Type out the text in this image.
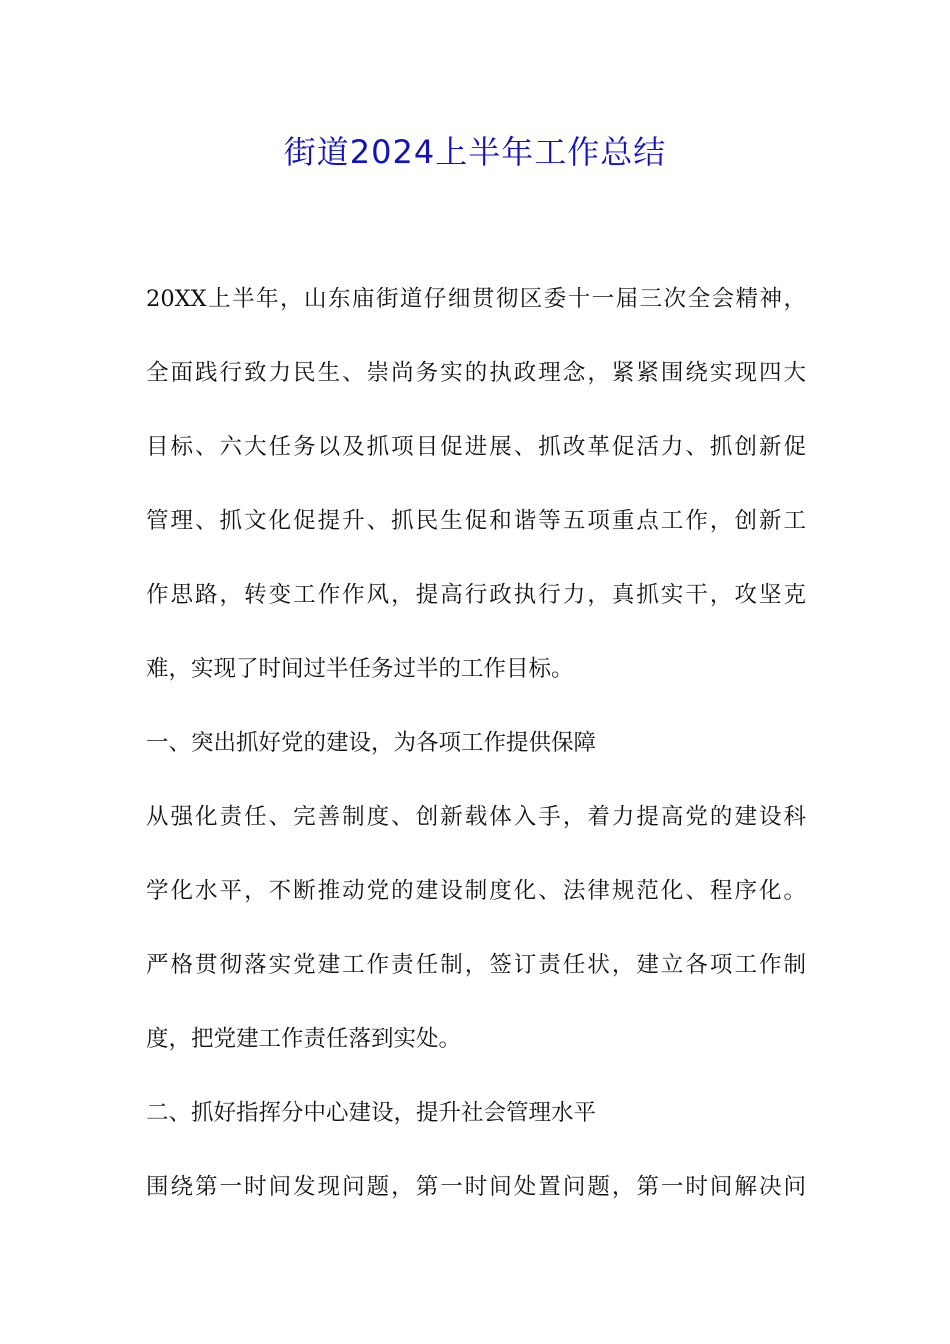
街道2024上半年工作总结
20XX上半年，山东庙街道仔细贯彻区委十一届三次全会精神，
全面践行致力民生、崇尚务实的执政理念，紧紧围绕实现四大
目标、六大任务以及抓项目促进展、抓改革促活力、抓创新促
管理、抓文化促提升、抓民生促和谐等五项重点工作，创新工
作思路，转变工作作风，提高行政执行力，真抓实干，攻坚克
难，实现了时间过半任务过半的工作目标。
一、突出抓好党的建设，为各项工作提供保障
从强化责任、完善制度、创新载体入手，着力提高党的建设科
学化水平，不断推动党的建设制度化、法律规范化、程序化。
严格贯彻落实党建工作责任制，签订责任状，建立各项工作制
度，把党建工作责任落到实处。
二、抓好指挥分中心建设，提升社会管理水平
围绕第一时间发现问题，第一时间处置问题，第一时间解决问
